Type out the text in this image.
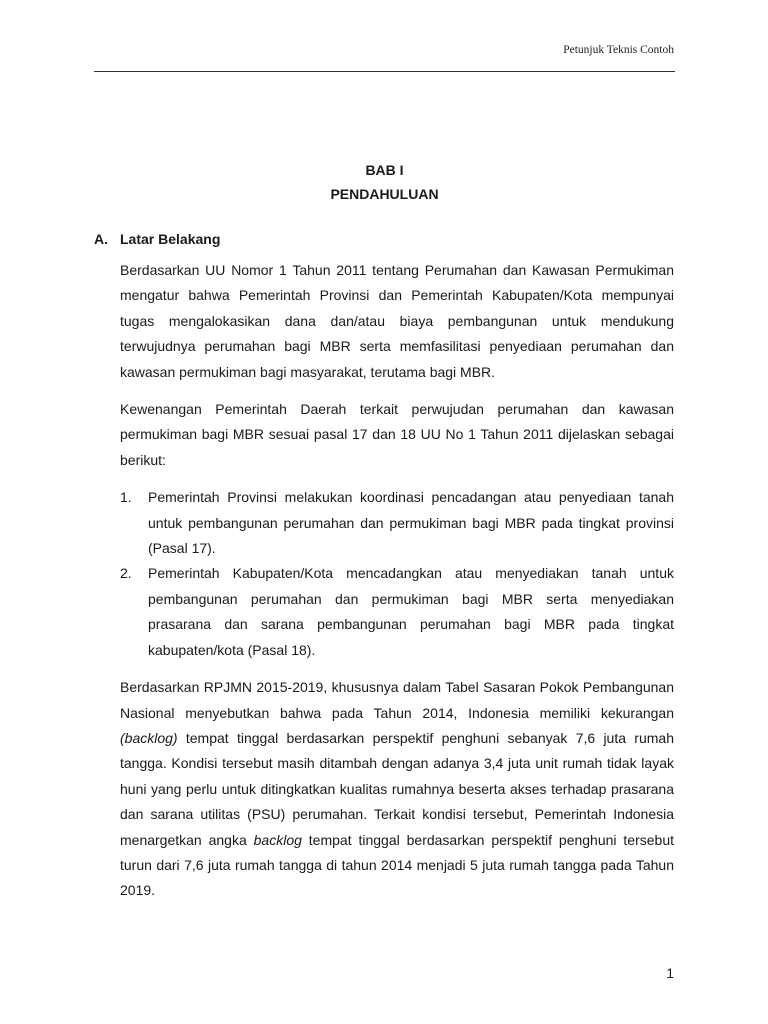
Petunjuk Teknis Contoh
BAB I
PENDAHULUAN
A. Latar Belakang

Berdasarkan UU Nomor 1 Tahun 2011 tentang Perumahan dan Kawasan Permukiman mengatur bahwa Pemerintah Provinsi dan Pemerintah Kabupaten/Kota mempunyai tugas mengalokasikan dana dan/atau biaya pembangunan untuk mendukung terwujudnya perumahan bagi MBR serta memfasilitasi penyediaan perumahan dan kawasan permukiman bagi masyarakat, terutama bagi MBR.

Kewenangan Pemerintah Daerah terkait perwujudan perumahan dan kawasan permukiman bagi MBR sesuai pasal 17 dan 18 UU No 1 Tahun 2011 dijelaskan sebagai berikut:

1.	Pemerintah Provinsi melakukan koordinasi pencadangan atau penyediaan tanah untuk pembangunan perumahan dan permukiman bagi MBR pada tingkat provinsi (Pasal 17).
2.	Pemerintah Kabupaten/Kota mencadangkan atau menyediakan tanah untuk pembangunan perumahan dan permukiman bagi MBR serta menyediakan prasarana dan sarana pembangunan perumahan bagi MBR pada tingkat kabupaten/kota (Pasal 18).

Berdasarkan RPJMN 2015-2019, khususnya dalam Tabel Sasaran Pokok Pembangunan Nasional menyebutkan bahwa pada Tahun 2014, Indonesia memiliki kekurangan (backlog) tempat tinggal berdasarkan perspektif penghuni sebanyak 7,6 juta rumah tangga. Kondisi tersebut masih ditambah dengan adanya 3,4 juta unit rumah tidak layak huni yang perlu untuk ditingkatkan kualitas rumahnya beserta akses terhadap prasarana dan sarana utilitas (PSU) perumahan. Terkait kondisi tersebut, Pemerintah Indonesia menargetkan angka backlog tempat tinggal berdasarkan perspektif penghuni tersebut turun dari 7,6 juta rumah tangga di tahun 2014 menjadi 5 juta rumah tangga pada Tahun 2019.

1
